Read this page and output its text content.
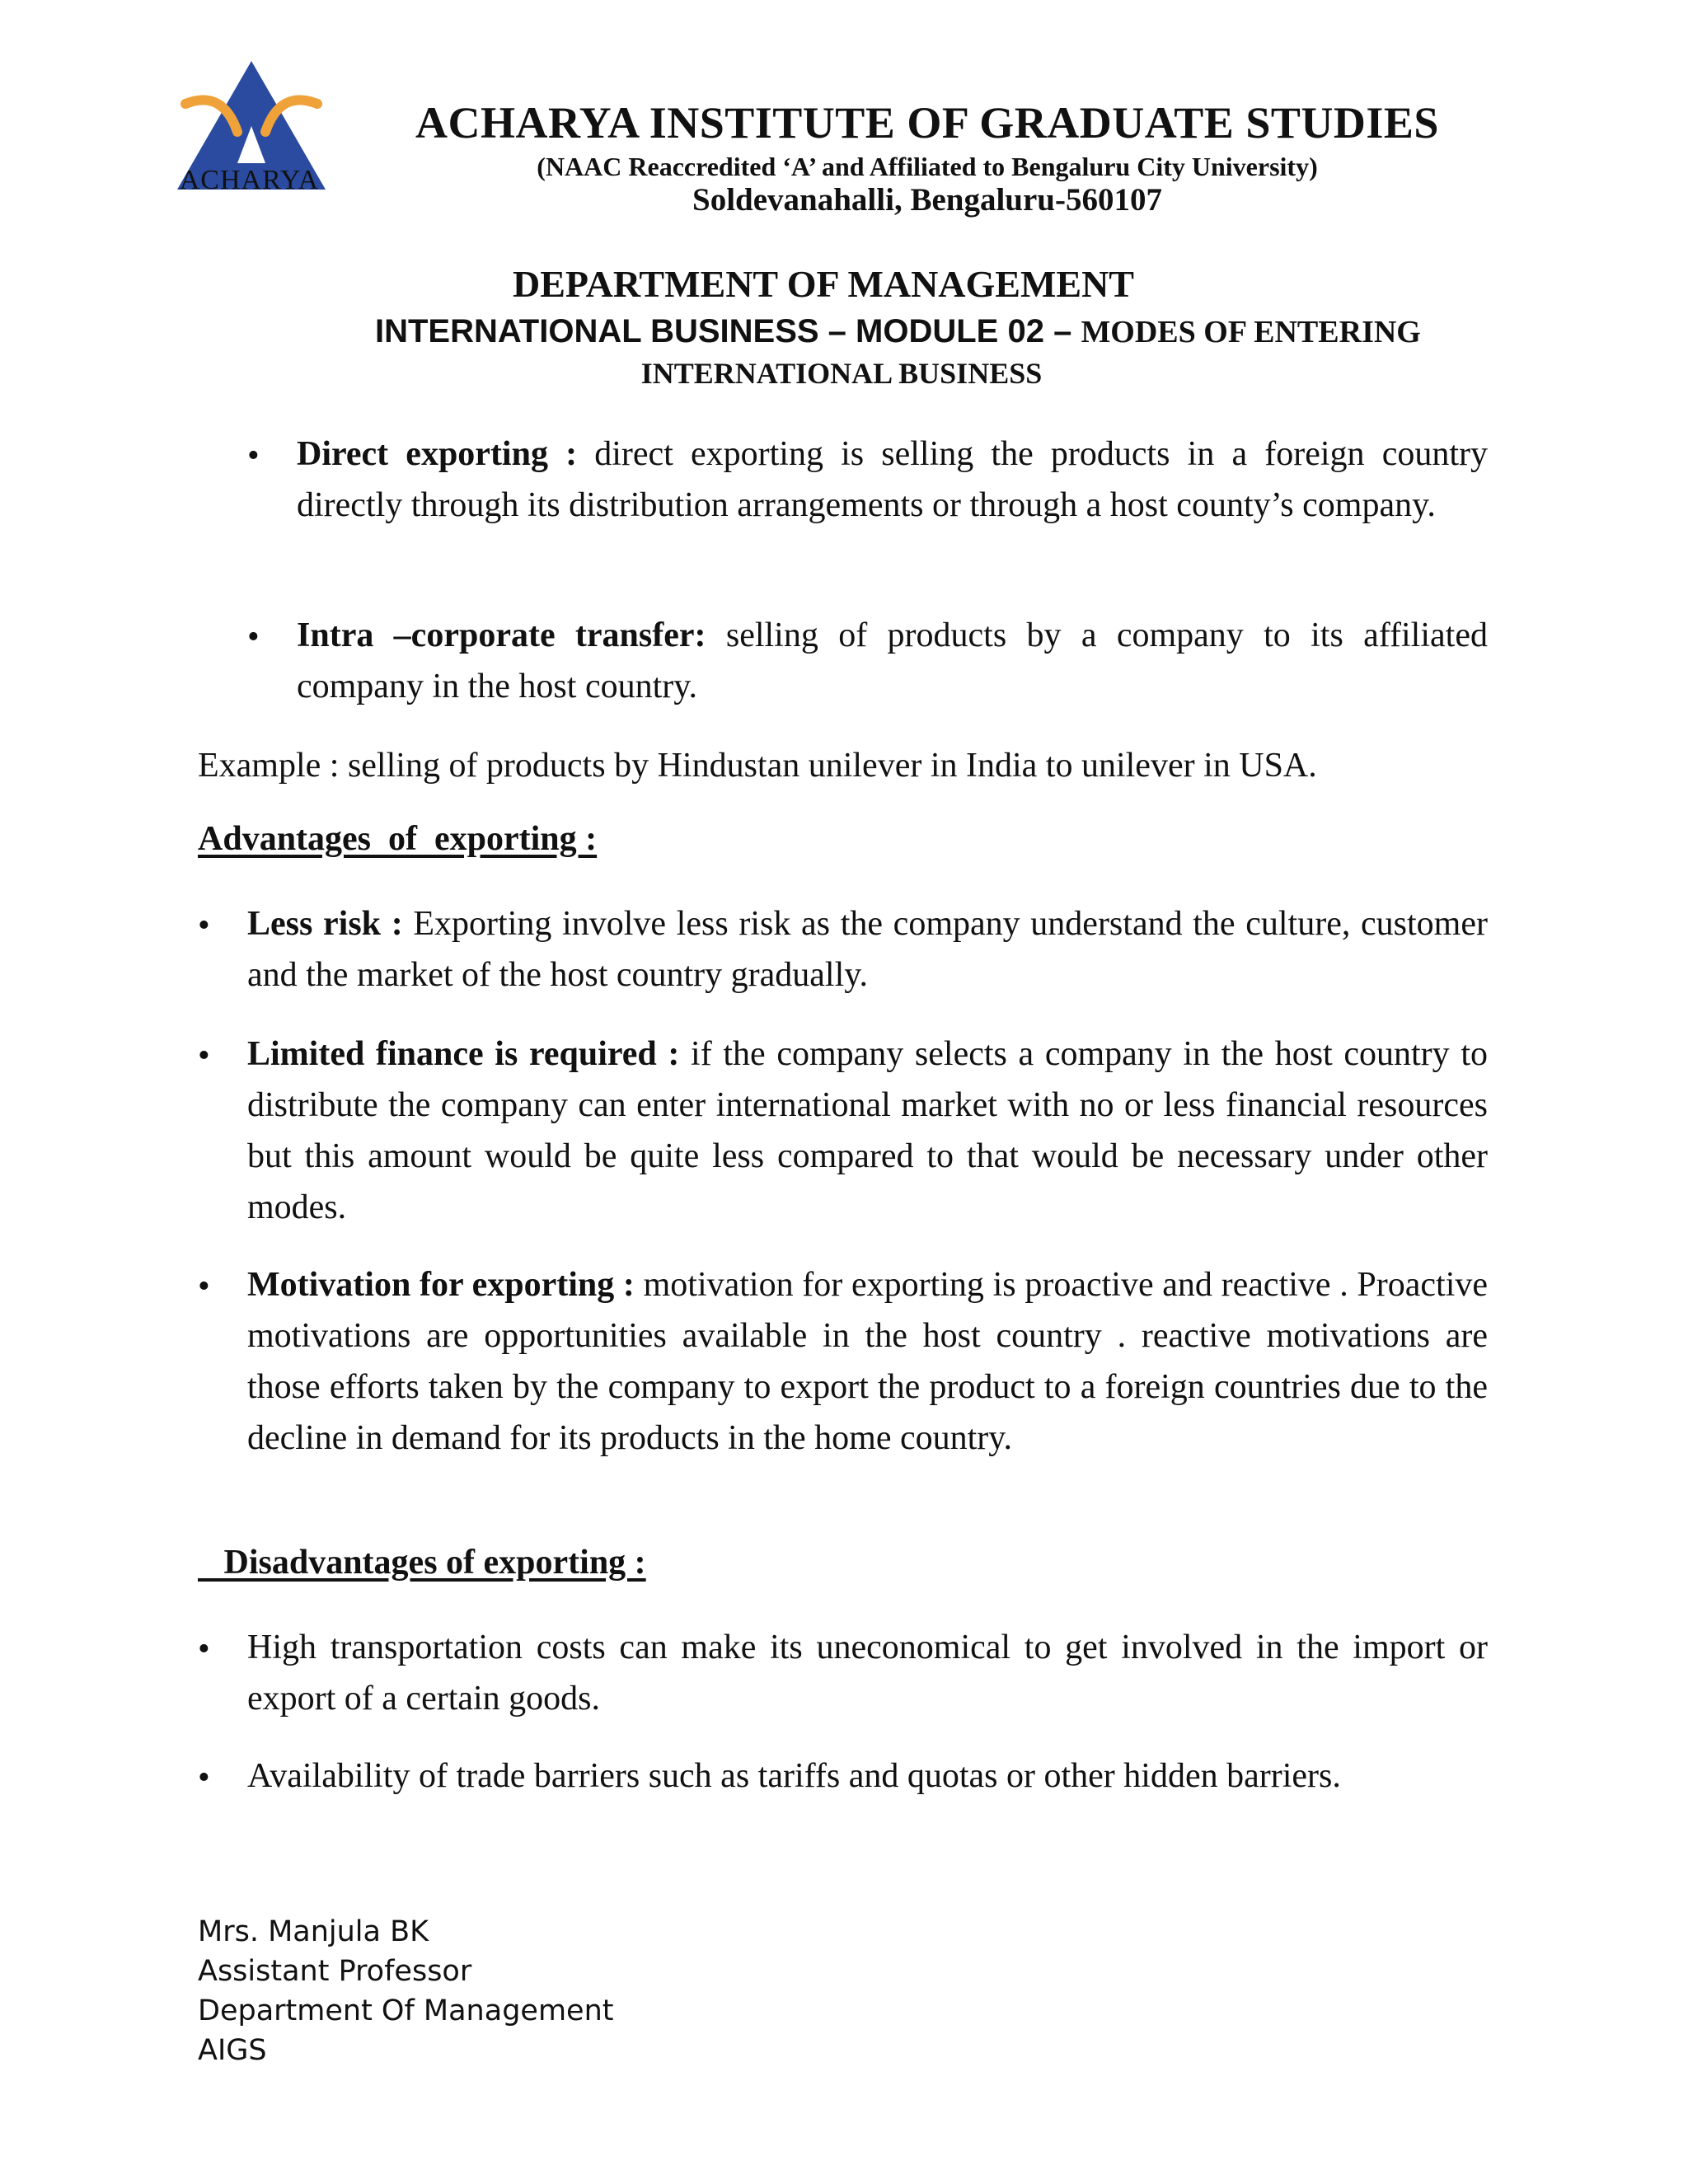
ACHARYA
ACHARYA INSTITUTE OF GRADUATE STUDIES
(NAAC Reaccredited ‘A’ and Affiliated to Bengaluru City University)
Soldevanahalli, Bengaluru-560107
DEPARTMENT OF MANAGEMENT
INTERNATIONAL BUSINESS – MODULE 02 – MODES OF ENTERING
INTERNATIONAL BUSINESS
• Direct exporting : direct exporting is selling the products in a foreign country directly through its distribution arrangements or through a host county’s company.

• Intra –corporate transfer: selling of products by a company to its affiliated company in the host country.

Example : selling of products by Hindustan unilever in India to unilever in USA.
Advantages  of  exporting :
• Less risk : Exporting involve less risk as the company understand the culture, customer and the market of the host country gradually.

• Limited finance is required : if the company selects a company in the host country to distribute the company can enter international market with no or less financial resources but this amount would be quite less compared to that would be necessary under other modes.

• Motivation for exporting : motivation for exporting is proactive and reactive . Proactive motivations are opportunities available in the host country . reactive motivations are those efforts taken by the company to export the product to a foreign countries due to the decline in demand for its products in the home country.

Disadvantages of exporting :
• High transportation costs can make its uneconomical to get involved in the import or export of a certain goods.
• Availability of trade barriers such as tariffs and quotas or other hidden barriers.
Mrs. Manjula BK
Assistant Professor
Department Of Management
AIGS
